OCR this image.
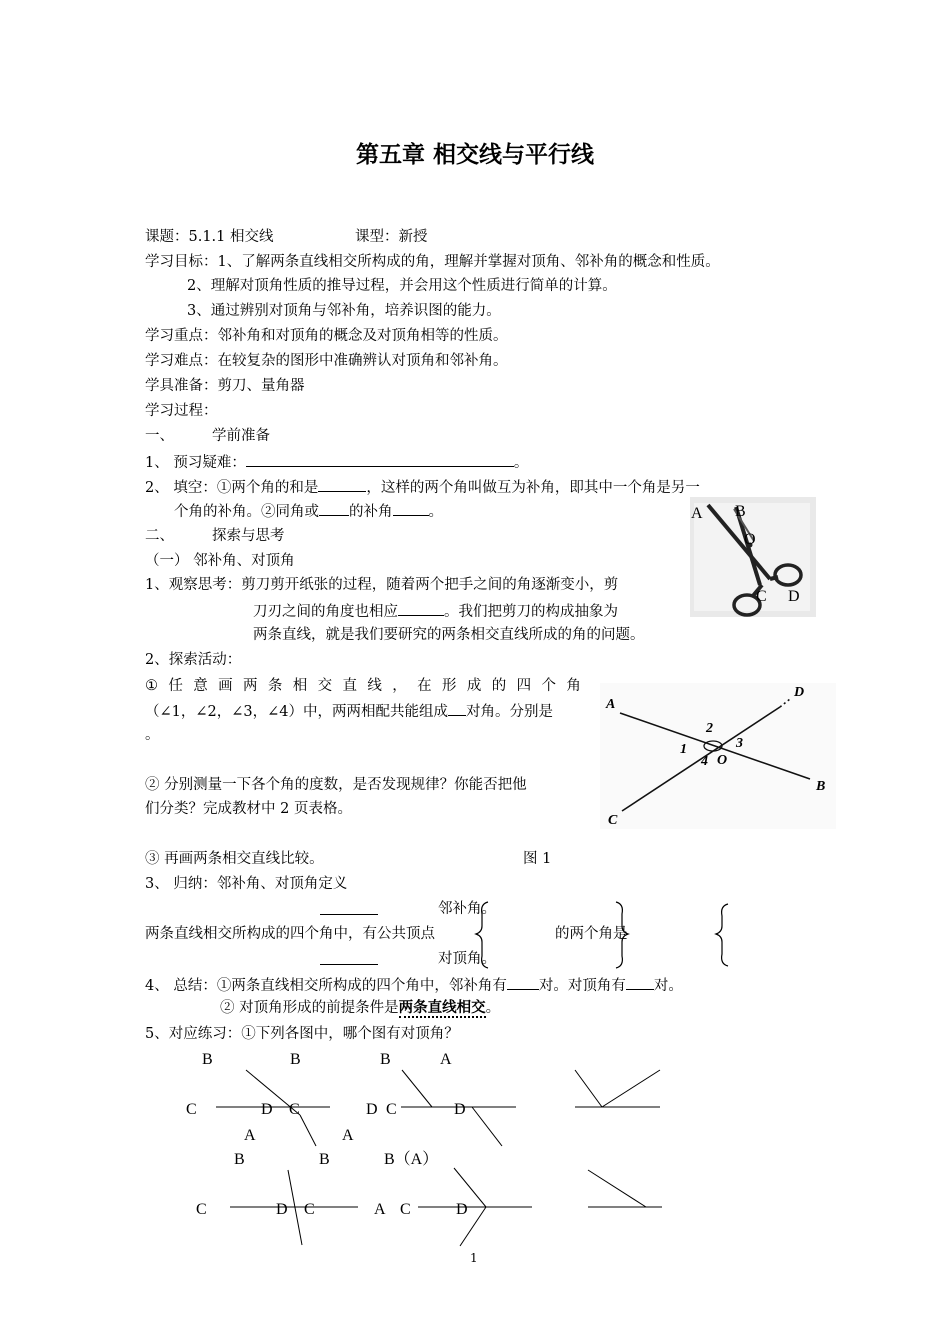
第五章 相交线与平行线
课题：5.1.1 相交线	课型：新授
学习目标：1、了解两条直线相交所构成的角，理解并掌握对顶角、邻补角的概念和性质。
2、理解对顶角性质的推导过程，并会用这个性质进行简单的计算。
3、通过辨别对顶角与邻补角，培养识图的能力。
学习重点：邻补角和对顶角的概念及对顶角相等的性质。
学习难点：在较复杂的图形中准确辨认对顶角和邻补角。
学具准备：剪刀、量角器
学习过程：
一、	学前准备
1、 预习疑难：	。
2、 填空：①两个角的和是	，这样的两个角叫做互为补角，即其中一个角是另一
个角的补角。②同角或 的补角 。
二、	探索与思考
（一） 邻补角、对顶角
1、观察思考：剪刀剪开纸张的过程，随着两个把手之间的角逐渐变小，剪
刀刃之间的角度也相应	。我们把剪刀的构成抽象为
两条直线，就是我们要研究的两条相交直线所成的角的问题。
2、探索活动：
① 任 意 画 两 条 相 交 直 线 ， 在 形 成 的 四 个 角
（∠1，∠2，∠3，∠4）中，两两相配共能组成 对角。分别是
。
② 分别测量一下各个角的度数，是否发现规律？你能否把他
们分类？完成教材中 2 页表格。
③ 再画两条相交直线比较。	图 1
3、 归纳：邻补角、对顶角定义
邻补角。
两条直线相交所构成的四个角中，有公共顶点	的两个角是
对顶角。
4、 总结：①两条直线相交所构成的四个角中，邻补角有 对。对顶角有 对。
② 对顶角形成的前提条件是两条直线相交。
5、对应练习：①下列各图中，哪个图有对顶角？
A B
O
C D
A
B
C
D
O
1
2
3
4
B	B	B	A
C	D C	D C	D
A	A
B	B	B（A）
C	D C	A C	D
1
